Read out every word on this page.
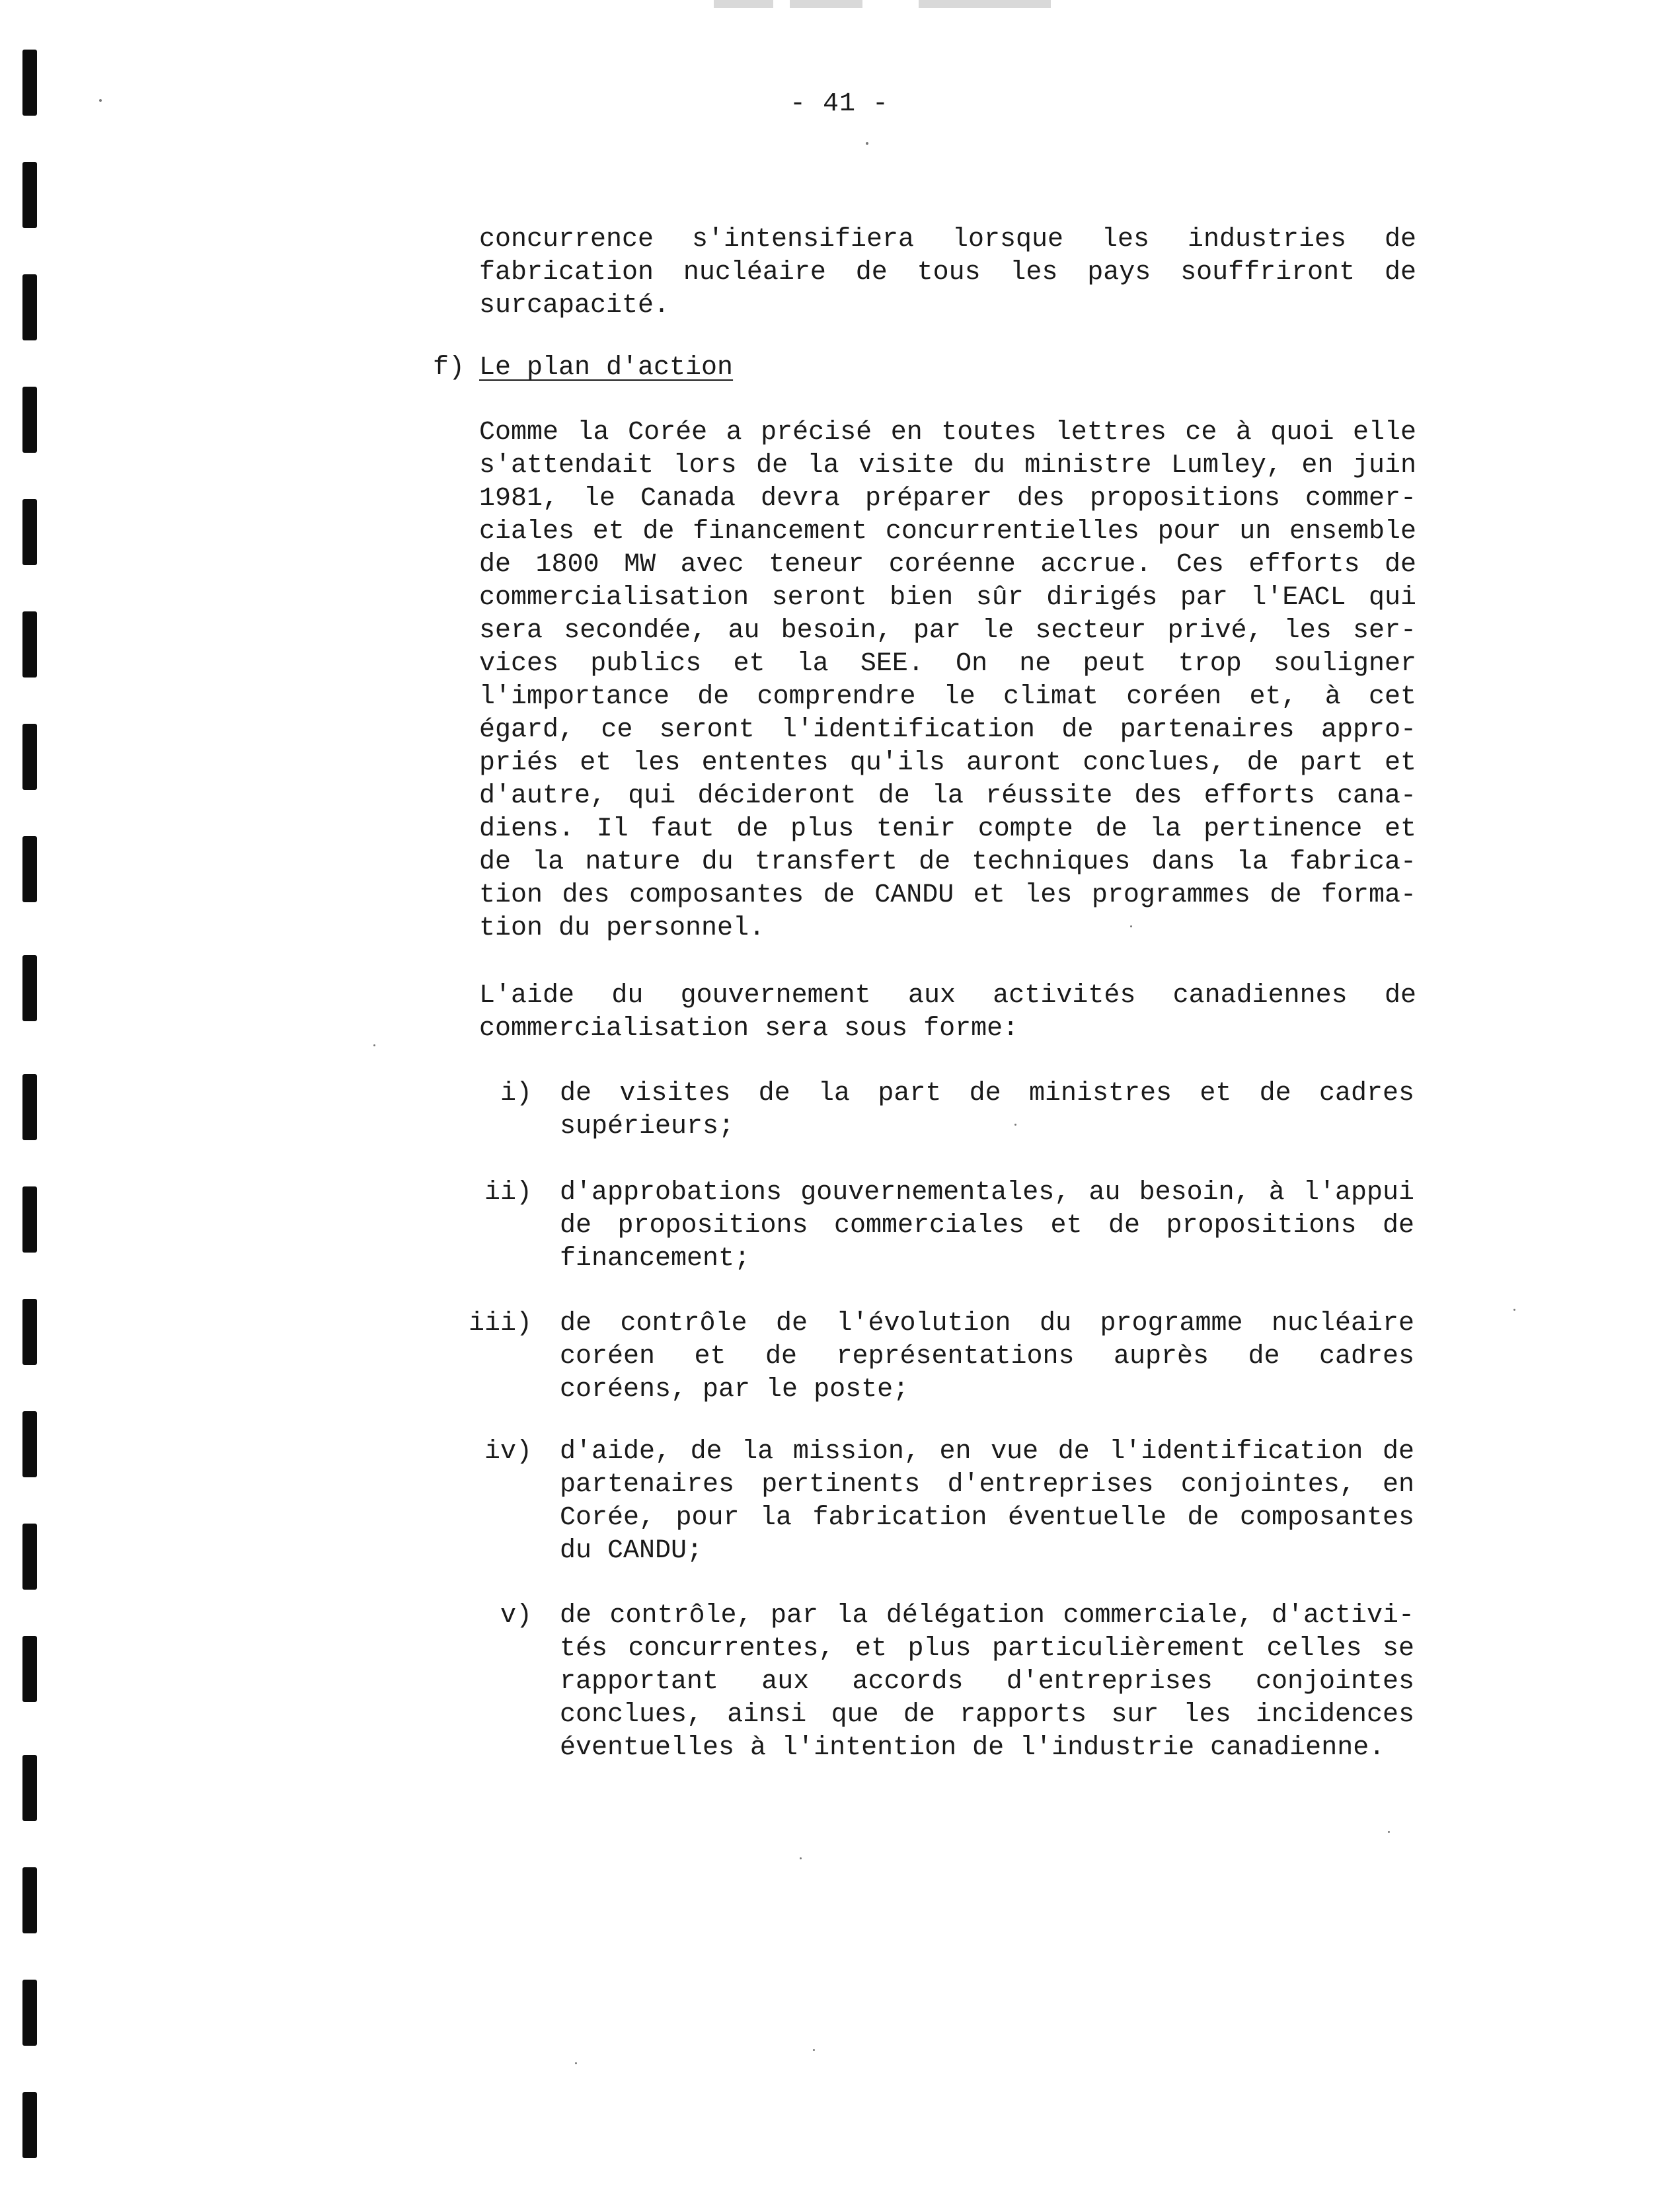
- 41 -
concurrence s'intensifiera lorsque les industries de
fabrication nucléaire de tous les pays souffriront de
surcapacité.
f) Le plan d'action
Comme la Corée a précisé en toutes lettres ce à quoi elle
s'attendait lors de la visite du ministre Lumley, en juin
1981, le Canada devra préparer des propositions commer-
ciales et de financement concurrentielles pour un ensemble
de 1800 MW avec teneur coréenne accrue. Ces efforts de
commercialisation seront bien sûr dirigés par l'EACL qui
sera secondée, au besoin, par le secteur privé, les ser-
vices publics et la SEE. On ne peut trop souligner
l'importance de comprendre le climat coréen et, à cet
égard, ce seront l'identification de partenaires appro-
priés et les ententes qu'ils auront conclues, de part et
d'autre, qui décideront de la réussite des efforts cana-
diens. Il faut de plus tenir compte de la pertinence et
de la nature du transfert de techniques dans la fabrica-
tion des composantes de CANDU et les programmes de forma-
tion du personnel.
L'aide du gouvernement aux activités canadiennes de
commercialisation sera sous forme:
i) de visites de la part de ministres et de cadres
supérieurs;
ii) d'approbations gouvernementales, au besoin, à l'appui
de propositions commerciales et de propositions de
financement;
iii) de contrôle de l'évolution du programme nucléaire
coréen et de représentations auprès de cadres
coréens, par le poste;
iv) d'aide, de la mission, en vue de l'identification de
partenaires pertinents d'entreprises conjointes, en
Corée, pour la fabrication éventuelle de composantes
du CANDU;
v) de contrôle, par la délégation commerciale, d'activi-
tés concurrentes, et plus particulièrement celles se
rapportant aux accords d'entreprises conjointes
conclues, ainsi que de rapports sur les incidences
éventuelles à l'intention de l'industrie canadienne.
